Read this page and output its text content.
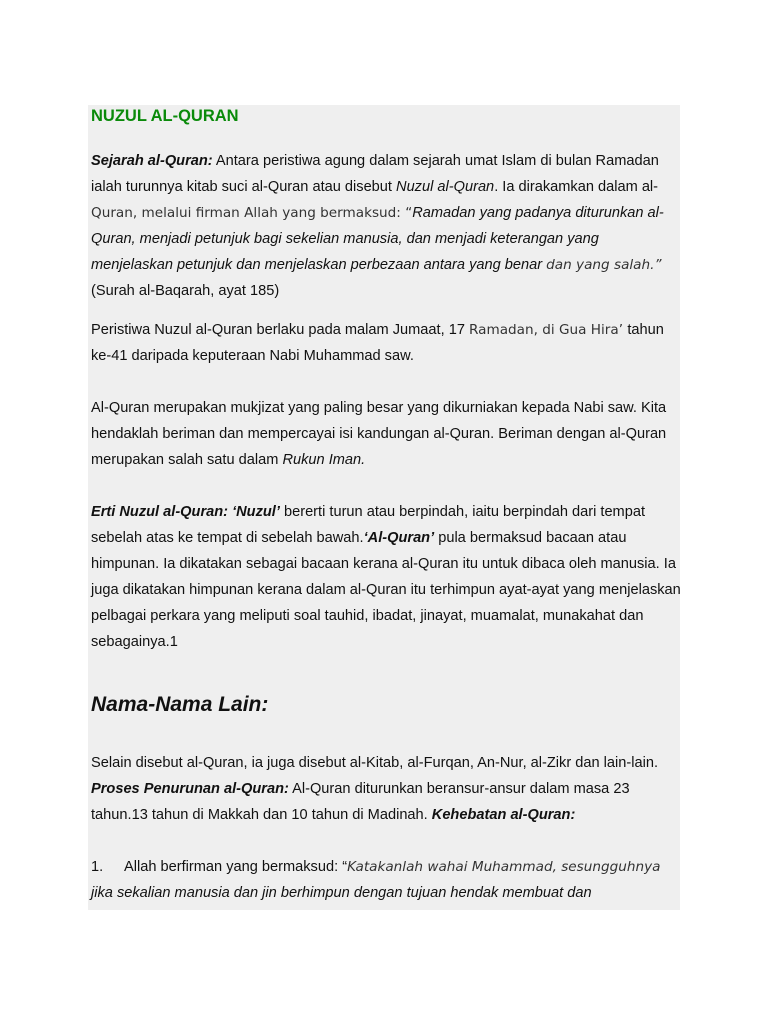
NUZUL AL-QURAN

Sejarah al-Quran: Antara peristiwa agung dalam sejarah umat Islam di bulan Ramadan ialah turunnya kitab suci al-Quran atau disebut Nuzul al-Quran. Ia dirakamkan dalam al-Quran, melalui firman Allah yang bermaksud: “Ramadan yang padanya diturunkan al-Quran, menjadi petunjuk bagi sekelian manusia, dan menjadi keterangan yang menjelaskan petunjuk dan menjelaskan perbezaan antara yang benar dan yang salah.” (Surah al-Baqarah, ayat 185)

Peristiwa Nuzul al-Quran berlaku pada malam Jumaat, 17 Ramadan, di Gua Hira’ tahun ke-41 daripada keputeraan Nabi Muhammad saw.

Al-Quran merupakan mukjizat yang paling besar yang dikurniakan kepada Nabi saw. Kita hendaklah beriman dan mempercayai isi kandungan al-Quran. Beriman dengan al-Quran merupakan salah satu dalam Rukun Iman.

Erti Nuzul al-Quran: ‘Nuzul’ bererti turun atau berpindah, iaitu berpindah dari tempat sebelah atas ke tempat di sebelah bawah.‘Al-Quran’ pula bermaksud bacaan atau himpunan. Ia dikatakan sebagai bacaan kerana al-Quran itu untuk dibaca oleh manusia. Ia juga dikatakan himpunan kerana dalam al-Quran itu terhimpun ayat-ayat yang menjelaskan pelbagai perkara yang meliputi soal tauhid, ibadat, jinayat, muamalat, munakahat dan sebagainya.1

Nama-Nama Lain:

Selain disebut al-Quran, ia juga disebut al-Kitab, al-Furqan, An-Nur, al-Zikr dan lain-lain. Proses Penurunan al-Quran: Al-Quran diturunkan beransur-ansur dalam masa 23 tahun.13 tahun di Makkah dan 10 tahun di Madinah. Kehebatan al-Quran:

1. Allah berfirman yang bermaksud: “Katakanlah wahai Muhammad, sesungguhnya jika sekalian manusia dan jin berhimpun dengan tujuan hendak membuat dan
